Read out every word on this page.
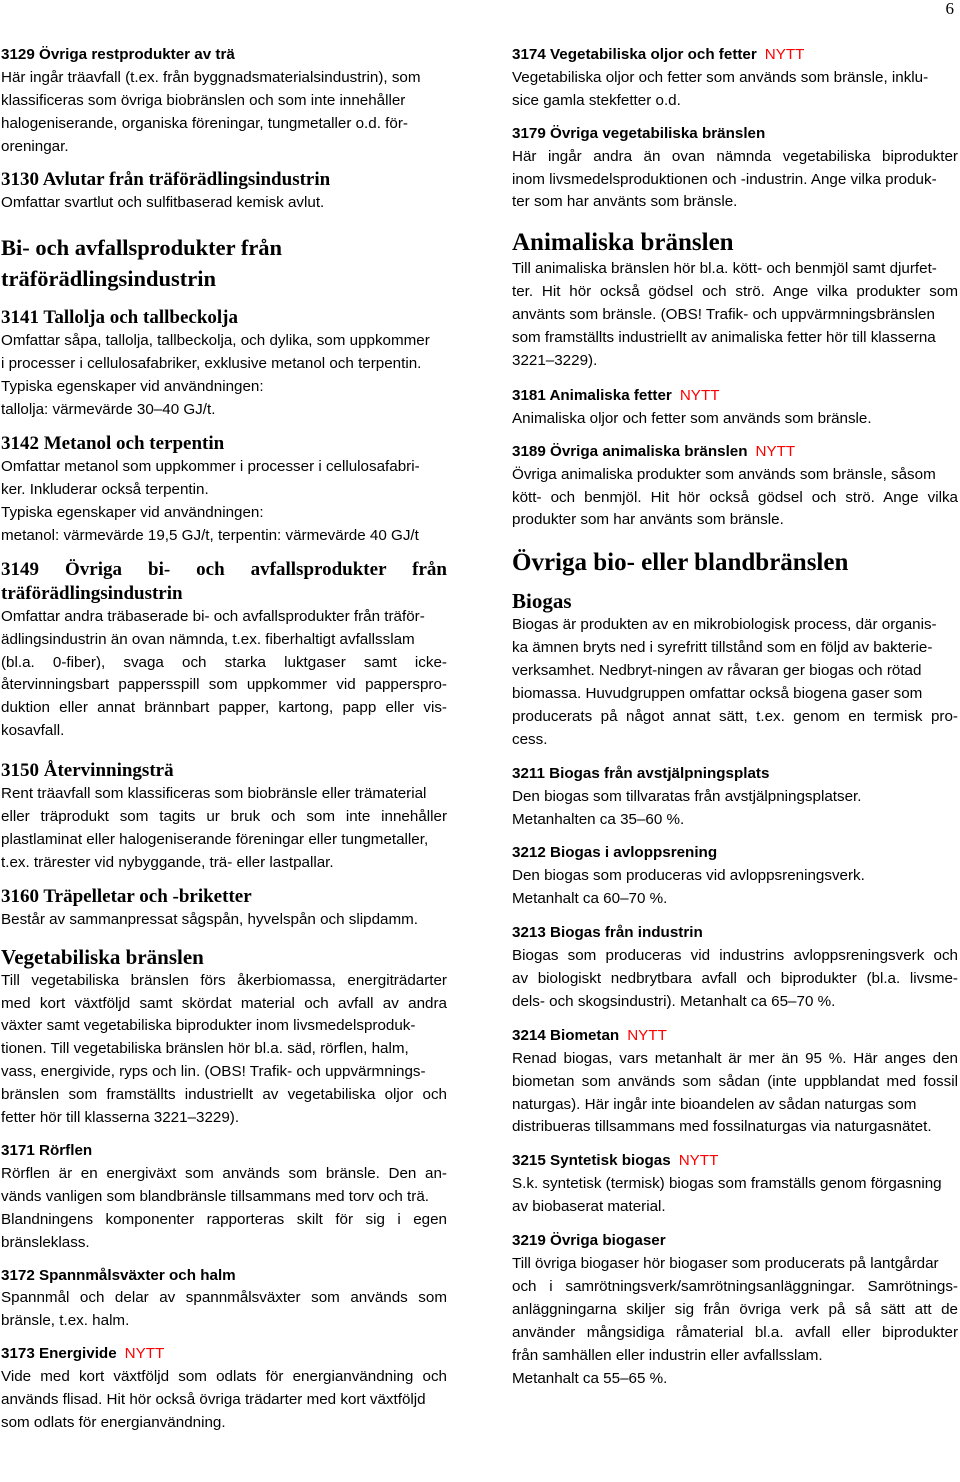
6
3129 Övriga restprodukter av trä

Här ingår träavfall (t.ex. från byggnadsmaterialsindustrin), som

klassificeras som övriga biobränslen och som inte innehåller

halogeniserande, organiska föreningar, tungmetaller o.d. för-

oreningar.

3130 Avlutar från träförädlingsindustrin

Omfattar svartlut och sulfitbaserad kemisk avlut.

Bi- och avfallsprodukter från
träförädlingsindustrin
3141 Tallolja och tallbeckolja

Omfattar såpa, tallolja, tallbeckolja, och dylika, som uppkommer

i processer i cellulosafabriker, exklusive metanol och terpentin.

Typiska egenskaper vid användningen:

tallolja: värmevärde 30–40 GJ/t.

3142 Metanol och terpentin

Omfattar metanol som uppkommer i processer i cellulosafabri-

ker. Inkluderar också terpentin.

Typiska egenskaper vid användningen:

metanol: värmevärde 19,5 GJ/t, terpentin: värmevärde 40 GJ/t

3149 Övriga bi- och avfallsprodukter från
träförädlingsindustrin

Omfattar andra träbaserade bi- och avfallsprodukter från träför-

ädlingsindustrin än ovan nämnda, t.ex. fiberhaltigt avfallsslam

(bl.a. 0-fiber), svaga och starka luktgaser samt icke-

återvinningsbart pappersspill som uppkommer vid papperspro-

duktion eller annat brännbart papper, kartong, papp eller vis-

kosavfall.

3150 Återvinningsträ

Rent träavfall som klassificeras som biobränsle eller trämaterial

eller träprodukt som tagits ur bruk och som inte innehåller

plastlaminat eller halogeniserande föreningar eller tungmetaller,

t.ex. trärester vid nybyggande, trä- eller lastpallar.

3160 Träpelletar och -briketter

Består av sammanpressat sågspån, hyvelspån och slipdamm.

Vegetabiliska bränslen

Till vegetabiliska bränslen förs åkerbiomassa, energiträdarter

med kort växtföljd samt skördat material och avfall av andra

växter samt vegetabiliska biprodukter inom livsmedelsproduk-

tionen. Till vegetabiliska bränslen hör bl.a. säd, rörflen, halm,

vass, energivide, ryps och lin. (OBS! Trafik- och uppvärmnings-

bränslen som framställts industriellt av vegetabiliska oljor och

fetter hör till klasserna 3221–3229).

3171 Rörflen

Rörflen är en energiväxt som används som bränsle. Den an-

vänds vanligen som blandbränsle tillsammans med torv och trä.

Blandningens komponenter rapporteras skilt för sig i egen

bränsleklass.

3172 Spannmålsväxter och halm

Spannmål och delar av spannmålsväxter som används som

bränsle, t.ex. halm.

3173 Energivide NYTT

Vide med kort växtföljd som odlats för energianvändning och

används flisad. Hit hör också övriga trädarter med kort växtföljd

som odlats för energianvändning.

3174 Vegetabiliska oljor och fetter NYTT

Vegetabiliska oljor och fetter som används som bränsle, inklu-

sice gamla stekfetter o.d.

3179 Övriga vegetabiliska bränslen

Här ingår andra än ovan nämnda vegetabiliska biprodukter

inom livsmedelsproduktionen och -industrin. Ange vilka produk-

ter som har använts som bränsle.

Animaliska bränslen

Till animaliska bränslen hör bl.a. kött- och benmjöl samt djurfet-

ter. Hit hör också gödsel och strö. Ange vilka produkter som

använts som bränsle. (OBS! Trafik- och uppvärmningsbränslen

som framställts industriellt av animaliska fetter hör till klasserna

3221–3229).

3181 Animaliska fetter NYTT

Animaliska oljor och fetter som används som bränsle.

3189 Övriga animaliska bränslen NYTT

Övriga animaliska produkter som används som bränsle, såsom

kött- och benmjöl. Hit hör också gödsel och strö. Ange vilka

produkter som har använts som bränsle.

Övriga bio- eller blandbränslen
Biogas

Biogas är produkten av en mikrobiologisk process, där organis-

ka ämnen bryts ned i syrefritt tillstånd som en följd av bakterie-

verksamhet. Nedbryt-ningen av råvaran ger biogas och rötad

biomassa. Huvudgruppen omfattar också biogena gaser som

producerats på något annat sätt, t.ex. genom en termisk pro-

cess.

3211 Biogas från avstjälpningsplats

Den biogas som tillvaratas från avstjälpningsplatser.

Metanhalten ca 35–60 %.

3212 Biogas i avloppsrening

Den biogas som produceras vid avloppsreningsverk.

Metanhalt ca 60–70 %.

3213 Biogas från industrin

Biogas som produceras vid industrins avloppsreningsverk och

av biologiskt nedbrytbara avfall och biprodukter (bl.a. livsme-

dels- och skogsindustri). Metanhalt ca 65–70 %.

3214 Biometan NYTT

Renad biogas, vars metanhalt är mer än 95 %. Här anges den

biometan som används som sådan (inte uppblandat med fossil

naturgas). Här ingår inte bioandelen av sådan naturgas som

distribueras tillsammans med fossilnaturgas via naturgasnätet.

3215 Syntetisk biogas NYTT

S.k. syntetisk (termisk) biogas som framställs genom förgasning

av biobaserat material.

3219 Övriga biogaser

Till övriga biogaser hör biogaser som producerats på lantgårdar

och i samrötningsverk/samrötningsanläggningar. Samrötnings-

anläggningarna skiljer sig från övriga verk på så sätt att de

använder mångsidiga råmaterial bl.a. avfall eller biprodukter

från samhällen eller industrin eller avfallsslam.

Metanhalt ca 55–65 %.
